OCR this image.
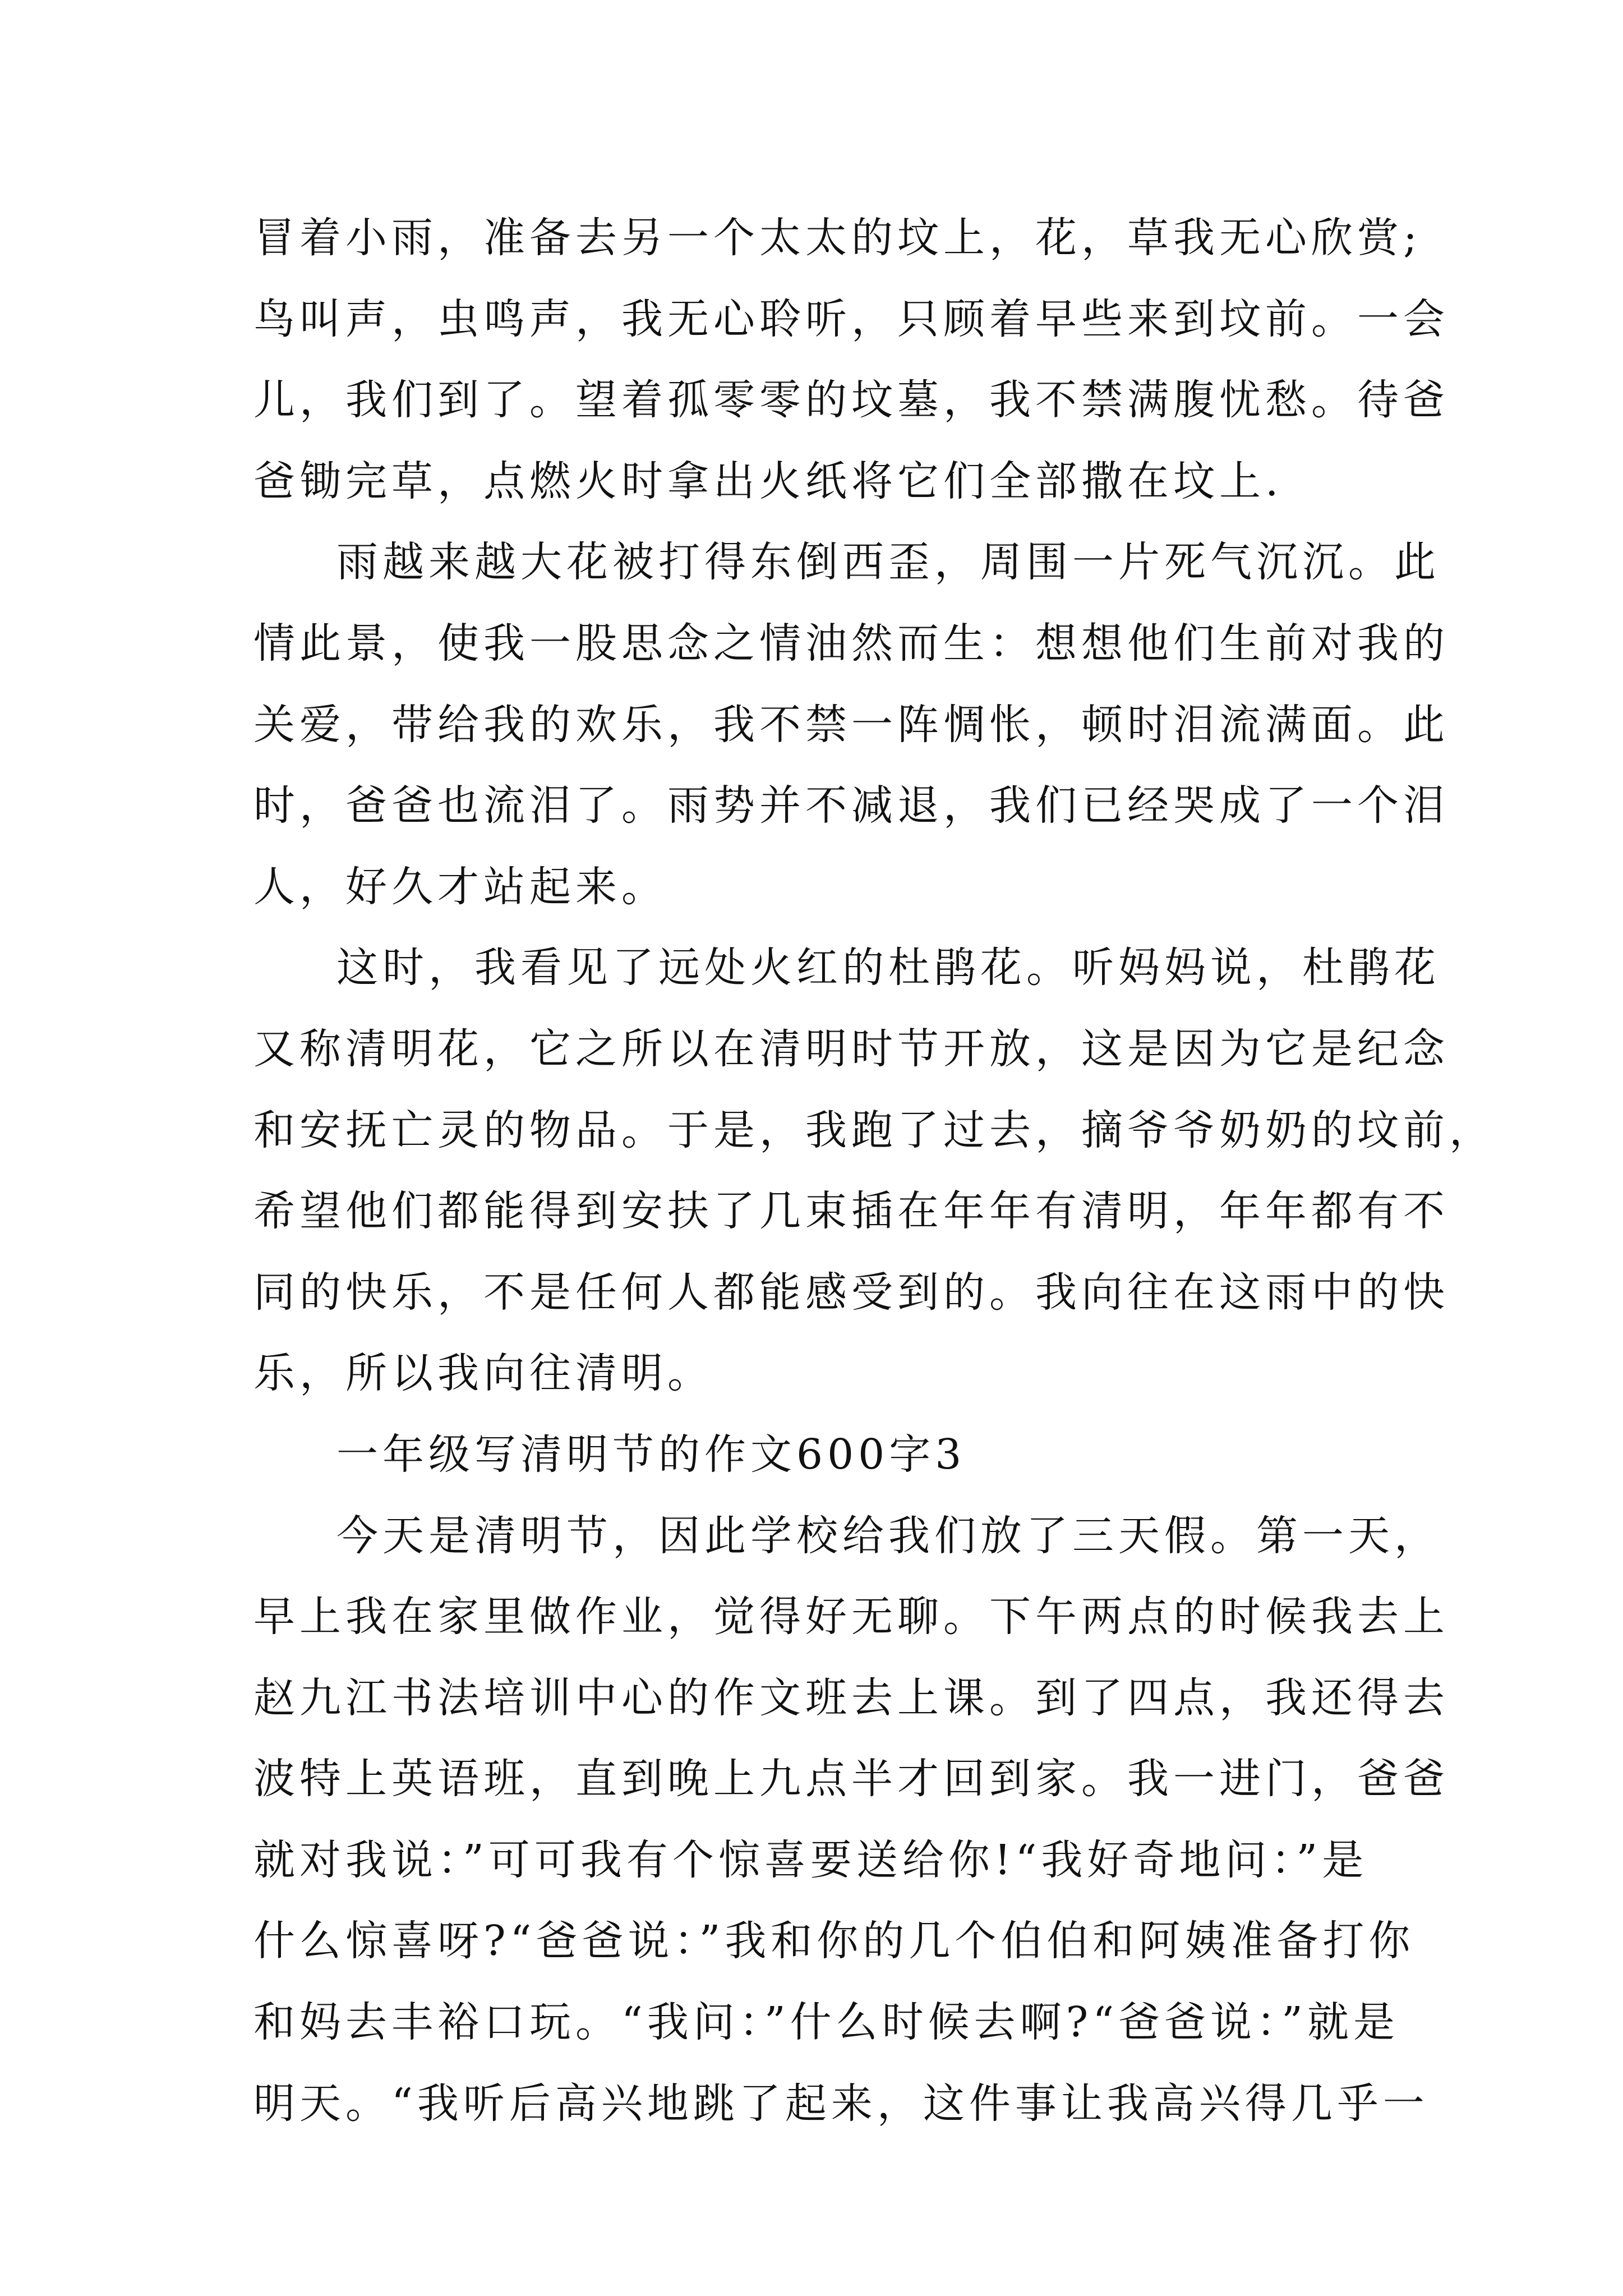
冒着小雨，准备去另一个太太的坟上，花，草我无心欣赏;
鸟叫声，虫鸣声，我无心聆听，只顾着早些来到坟前。一会
儿，我们到了。望着孤零零的坟墓，我不禁满腹忧愁。待爸
爸锄完草，点燃火时拿出火纸将它们全部撒在坟上.
雨越来越大花被打得东倒西歪，周围一片死气沉沉。此
情此景，使我一股思念之情油然而生：想想他们生前对我的
关爱，带给我的欢乐，我不禁一阵惆怅，顿时泪流满面。此
时，爸爸也流泪了。雨势并不减退，我们已经哭成了一个泪
人，好久才站起来。
这时，我看见了远处火红的杜鹃花。听妈妈说，杜鹃花
又称清明花，它之所以在清明时节开放，这是因为它是纪念
和安抚亡灵的物品。于是，我跑了过去，摘爷爷奶奶的坟前，
希望他们都能得到安扶了几束插在年年有清明，年年都有不
同的快乐，不是任何人都能感受到的。我向往在这雨中的快
乐，所以我向往清明。
一年级写清明节的作文600字3
今天是清明节，因此学校给我们放了三天假。第一天，
早上我在家里做作业，觉得好无聊。下午两点的时候我去上
赵九江书法培训中心的作文班去上课。到了四点，我还得去
波特上英语班，直到晚上九点半才回到家。我一进门，爸爸
就对我说：”可可我有个惊喜要送给你!“我好奇地问：”是
什么惊喜呀?“爸爸说：”我和你的几个伯伯和阿姨准备打你
和妈去丰裕口玩。“我问：”什么时候去啊?“爸爸说：”就是
明天。“我听后高兴地跳了起来，这件事让我高兴得几乎一
